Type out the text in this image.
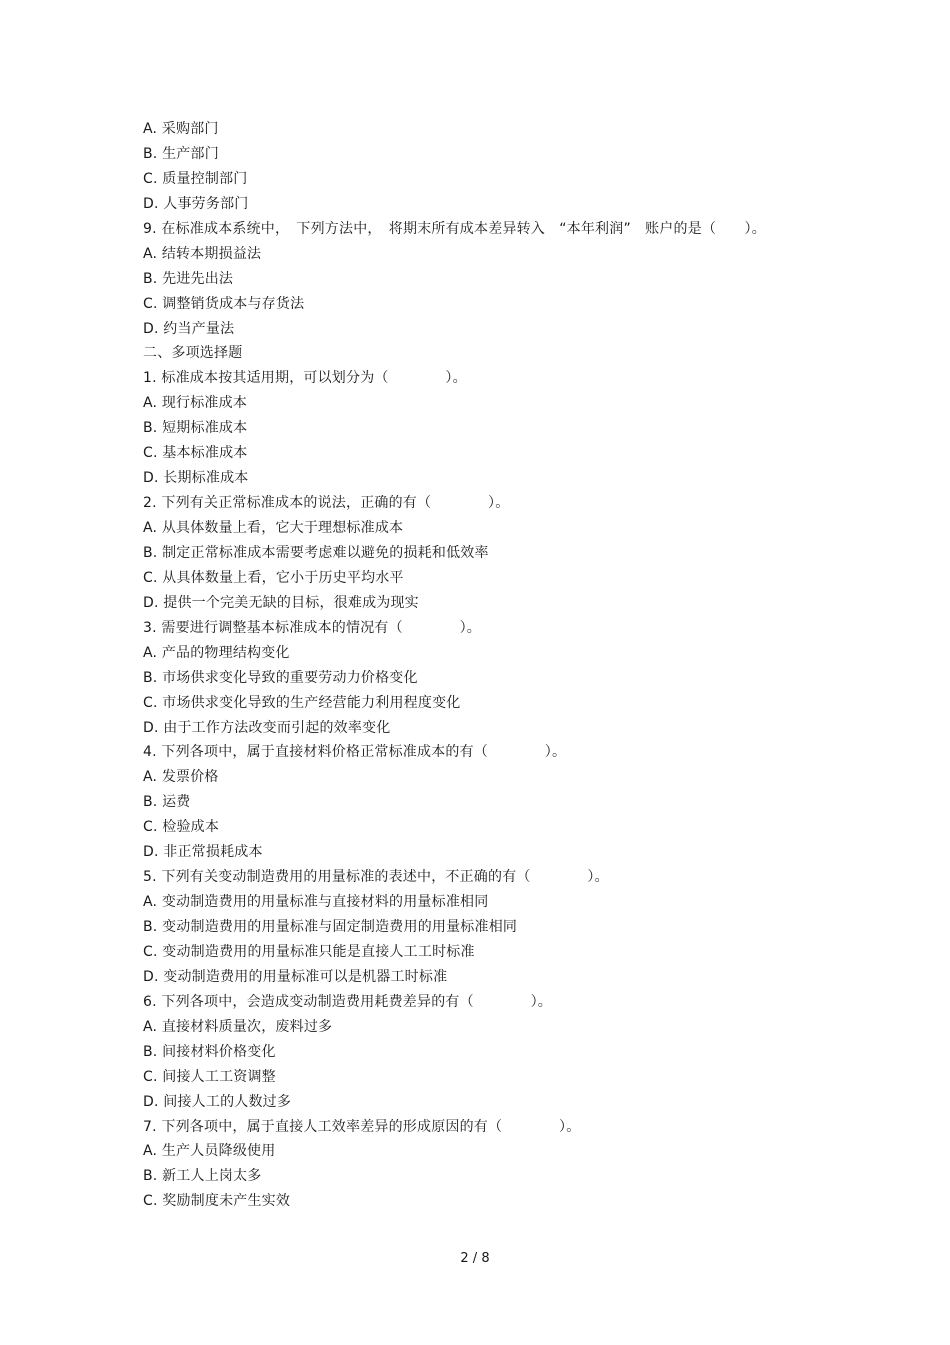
A. 采购部门
B. 生产部门
C. 质量控制部门
D. 人事劳务部门
9. 在标准成本系统中，　下列方法中，　将期末所有成本差异转入　“本年利润”　账户的是（　　）。
A. 结转本期损益法
B. 先进先出法
C. 调整销货成本与存货法
D. 约当产量法
二、多项选择题
1. 标准成本按其适用期，可以划分为（　　　　）。
A. 现行标准成本
B. 短期标准成本
C. 基本标准成本
D. 长期标准成本
2. 下列有关正常标准成本的说法，正确的有（　　　　）。
A. 从具体数量上看，它大于理想标准成本
B. 制定正常标准成本需要考虑难以避免的损耗和低效率
C. 从具体数量上看，它小于历史平均水平
D. 提供一个完美无缺的目标，很难成为现实
3. 需要进行调整基本标准成本的情况有（　　　　）。
A. 产品的物理结构变化
B. 市场供求变化导致的重要劳动力价格变化
C. 市场供求变化导致的生产经营能力利用程度变化
D. 由于工作方法改变而引起的效率变化
4. 下列各项中，属于直接材料价格正常标准成本的有（　　　　）。
A. 发票价格
B. 运费
C. 检验成本
D. 非正常损耗成本
5. 下列有关变动制造费用的用量标准的表述中，不正确的有（　　　　）。
A. 变动制造费用的用量标准与直接材料的用量标准相同
B. 变动制造费用的用量标准与固定制造费用的用量标准相同
C. 变动制造费用的用量标准只能是直接人工工时标准
D. 变动制造费用的用量标准可以是机器工时标准
6. 下列各项中，会造成变动制造费用耗费差异的有（　　　　）。
A. 直接材料质量次，废料过多
B. 间接材料价格变化
C. 间接人工工资调整
D. 间接人工的人数过多
7. 下列各项中，属于直接人工效率差异的形成原因的有（　　　　）。
A. 生产人员降级使用
B. 新工人上岗太多
C. 奖励制度未产生实效
2 / 8
